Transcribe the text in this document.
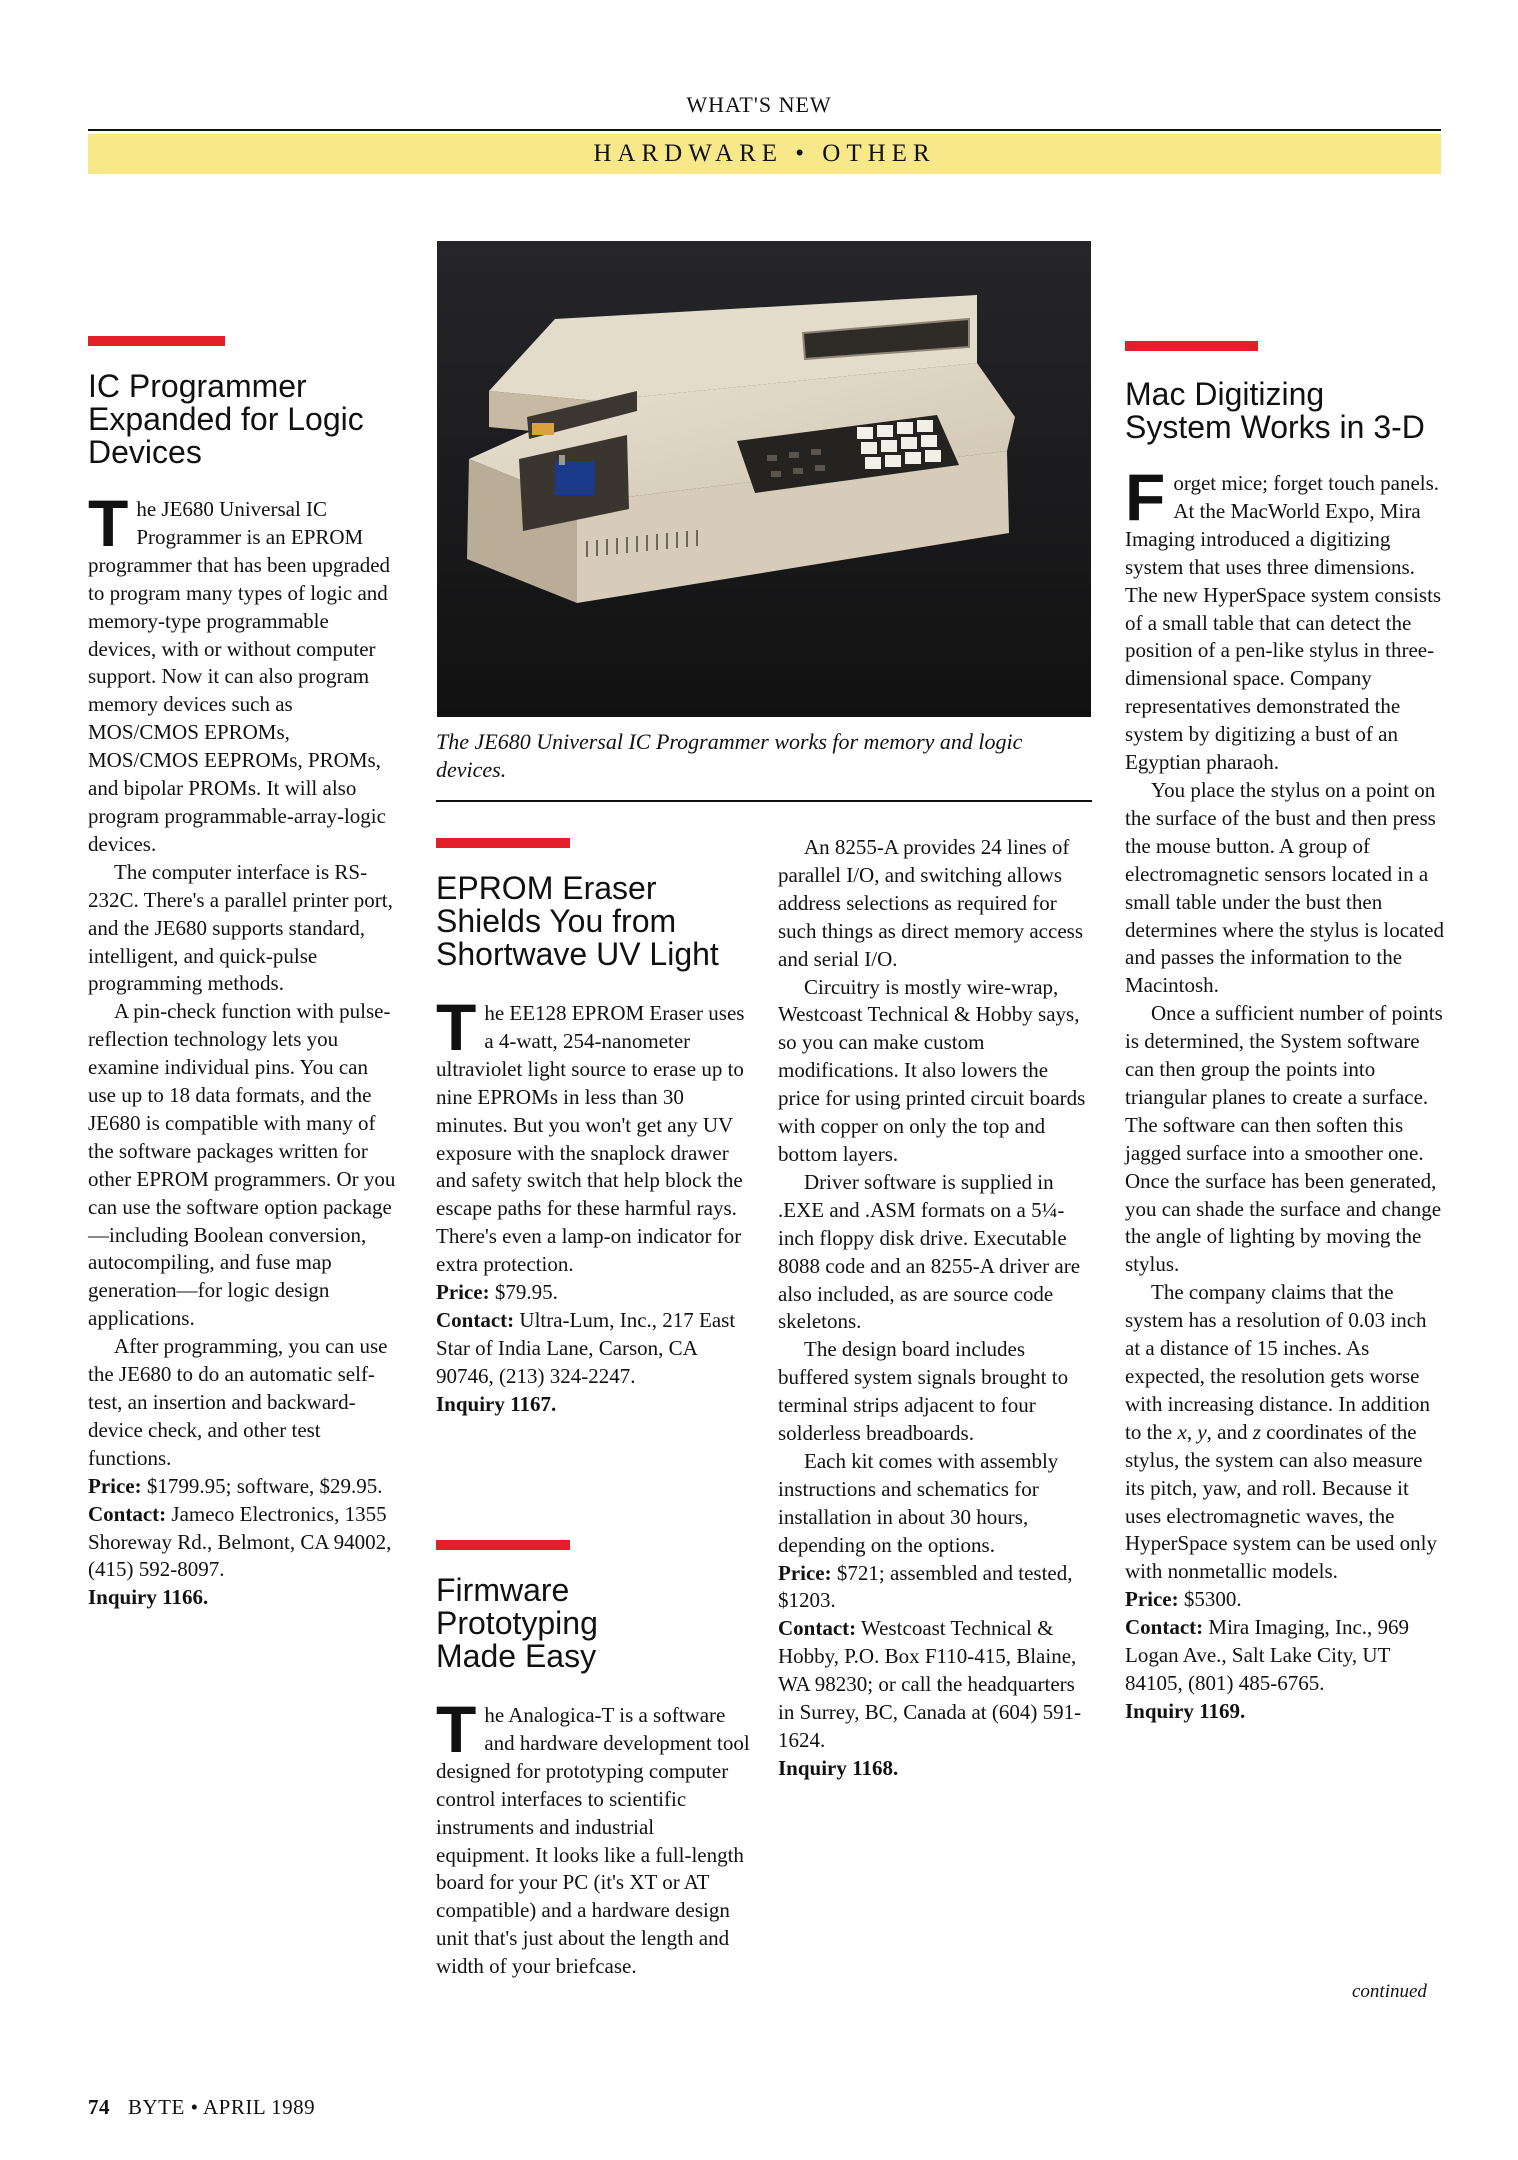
WHAT'S NEW
HARDWARE • OTHER
IC Programmer Expanded for Logic Devices

The JE680 Universal IC Programmer is an EPROM programmer that has been upgraded to program many types of logic and memory-type programmable devices, with or without computer support. Now it can also program memory devices such as MOS/CMOS EPROMs, MOS/CMOS EEPROMs, PROMs, and bipolar PROMs. It will also program programmable-array-logic devices.

The computer interface is RS-232C. There's a parallel printer port, and the JE680 supports standard, intelligent, and quick-pulse programming methods.

A pin-check function with pulse-reflection technology lets you examine individual pins. You can use up to 18 data formats, and the JE680 is compatible with many of the software packages written for other EPROM programmers. Or you can use the software option package—including Boolean conversion, autocompiling, and fuse map generation—for logic design applications.

After programming, you can use the JE680 to do an automatic self-test, an insertion and backward-device check, and other test functions.

Price: $1799.95; software, $29.95.
Contact: Jameco Electronics, 1355 Shoreway Rd., Belmont, CA 94002, (415) 592-8097.
Inquiry 1166.
The JE680 Universal IC Programmer works for memory and logic devices.
EPROM Eraser Shields You from Shortwave UV Light

The EE128 EPROM Eraser uses a 4-watt, 254-nanometer ultraviolet light source to erase up to nine EPROMs in less than 30 minutes. But you won't get any UV exposure with the snaplock drawer and safety switch that help block the escape paths for these harmful rays. There's even a lamp-on indicator for extra protection.

Price: $79.95.
Contact: Ultra-Lum, Inc., 217 East Star of India Lane, Carson, CA 90746, (213) 324-2247.
Inquiry 1167.
Firmware Prototyping Made Easy

The Analogica-T is a software and hardware development tool designed for prototyping computer control interfaces to scientific instruments and industrial equipment. It looks like a full-length board for your PC (it's XT or AT compatible) and a hardware design unit that's just about the length and width of your briefcase.

An 8255-A provides 24 lines of parallel I/O, and switching allows address selections as required for such things as direct memory access and serial I/O.

Circuitry is mostly wire-wrap, Westcoast Technical & Hobby says, so you can make custom modifications. It also lowers the price for using printed circuit boards with copper on only the top and bottom layers.

Driver software is supplied in .EXE and .ASM formats on a 5¼-inch floppy disk drive. Executable 8088 code and an 8255-A driver are also included, as are source code skeletons.

The design board includes buffered system signals brought to terminal strips adjacent to four solderless breadboards.

Each kit comes with assembly instructions and schematics for installation in about 30 hours, depending on the options.

Price: $721; assembled and tested, $1203.
Contact: Westcoast Technical & Hobby, P.O. Box F110-415, Blaine, WA 98230; or call the headquarters in Surrey, BC, Canada at (604) 591-1624.
Inquiry 1168.
Mac Digitizing System Works in 3-D

Forget mice; forget touch panels. At the MacWorld Expo, Mira Imaging introduced a digitizing system that uses three dimensions. The new HyperSpace system consists of a small table that can detect the position of a pen-like stylus in three-dimensional space. Company representatives demonstrated the system by digitizing a bust of an Egyptian pharaoh.

You place the stylus on a point on the surface of the bust and then press the mouse button. A group of electromagnetic sensors located in a small table under the bust then determines where the stylus is located and passes the information to the Macintosh.

Once a sufficient number of points is determined, the System software can then group the points into triangular planes to create a surface. The software can then soften this jagged surface into a smoother one. Once the surface has been generated, you can shade the surface and change the angle of lighting by moving the stylus.

The company claims that the system has a resolution of 0.03 inch at a distance of 15 inches. As expected, the resolution gets worse with increasing distance. In addition to the x, y, and z coordinates of the stylus, the system can also measure its pitch, yaw, and roll. Because it uses electromagnetic waves, the HyperSpace system can be used only with nonmetallic models.

Price: $5300.
Contact: Mira Imaging, Inc., 969 Logan Ave., Salt Lake City, UT 84105, (801) 485-6765.
Inquiry 1169.
continued
74 BYTE • APRIL 1989
